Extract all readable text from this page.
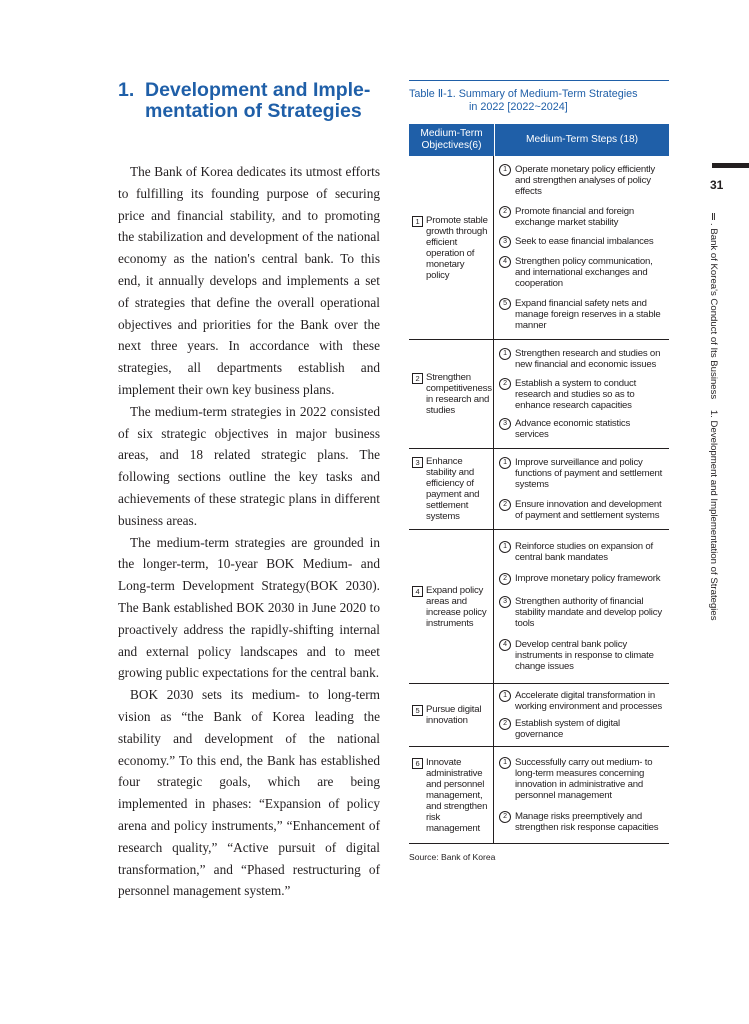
1. Development and Imple-
mentation of Strategies

The Bank of Korea dedicates its utmost efforts to fulfilling its founding purpose of securing price and financial stability, and to promoting the stabilization and development of the national economy as the nation's central bank. To this end, it annually develops and implements a set of strategies that define the overall operational objectives and priorities for the Bank over the next three years. In accordance with these strategies, all departments establish and implement their own key business plans.

The medium-term strategies in 2022 consisted of six strategic objectives in major business areas, and 18 related strategic plans. The following sections outline the key tasks and achievements of these strategic plans in different business areas.

The medium-term strategies are grounded in the longer-term, 10-year BOK Medium- and Long-term Development Strategy(BOK 2030). The Bank established BOK 2030 in June 2020 to proactively address the rapidly-shifting internal and external policy landscapes and to meet growing public expectations for the central bank.

BOK 2030 sets its medium- to long-term vision as “the Bank of Korea leading the stability and development of the national economy.” To this end, the Bank has established four strategic goals, which are being implemented in phases: “Expansion of policy arena and policy instruments,” “Enhancement of research quality,” “Active pursuit of digital transformation,” and “Phased restructuring of personnel management system.”

Table Ⅱ-1. Summary of Medium-Term Strategies
in 2022 [2022~2024]
Medium-Term Objectives(6)
Medium-Term Steps (18)
1 Promote stable growth through efficient operation of monetary policy
1 Operate monetary policy efficiently and strengthen analyses of policy effects
2 Promote financial and foreign exchange market stability
3 Seek to ease financial imbalances
4 Strengthen policy communication, and international exchanges and cooperation
5 Expand financial safety nets and manage foreign reserves in a stable manner
2 Strengthen competitiveness in research and studies
1 Strengthen research and studies on new financial and economic issues
2 Establish a system to conduct research and studies so as to enhance research capacities
3 Advance economic statistics services
3 Enhance stability and efficiency of payment and settlement systems
1 Improve surveillance and policy functions of payment and settlement systems
2 Ensure innovation and development of payment and settlement systems
4 Expand policy areas and increase policy instruments
1 Reinforce studies on expansion of central bank mandates
2 Improve monetary policy framework
3 Strengthen authority of financial stability mandate and develop policy tools
4 Develop central bank policy instruments in response to climate change issues
5 Pursue digital innovation
1 Accelerate digital transformation in working environment and processes
2 Establish system of digital governance
6 Innovate administrative and personnel management, and strengthen risk management
1 Successfully carry out medium- to long-term measures concerning innovation in administrative and personnel management
2 Manage risks preemptively and strengthen risk response capacities
Source: Bank of Korea
31
Ⅱ. Bank of Korea's Conduct of Its Business    1. Development and Implementation of Strategies
